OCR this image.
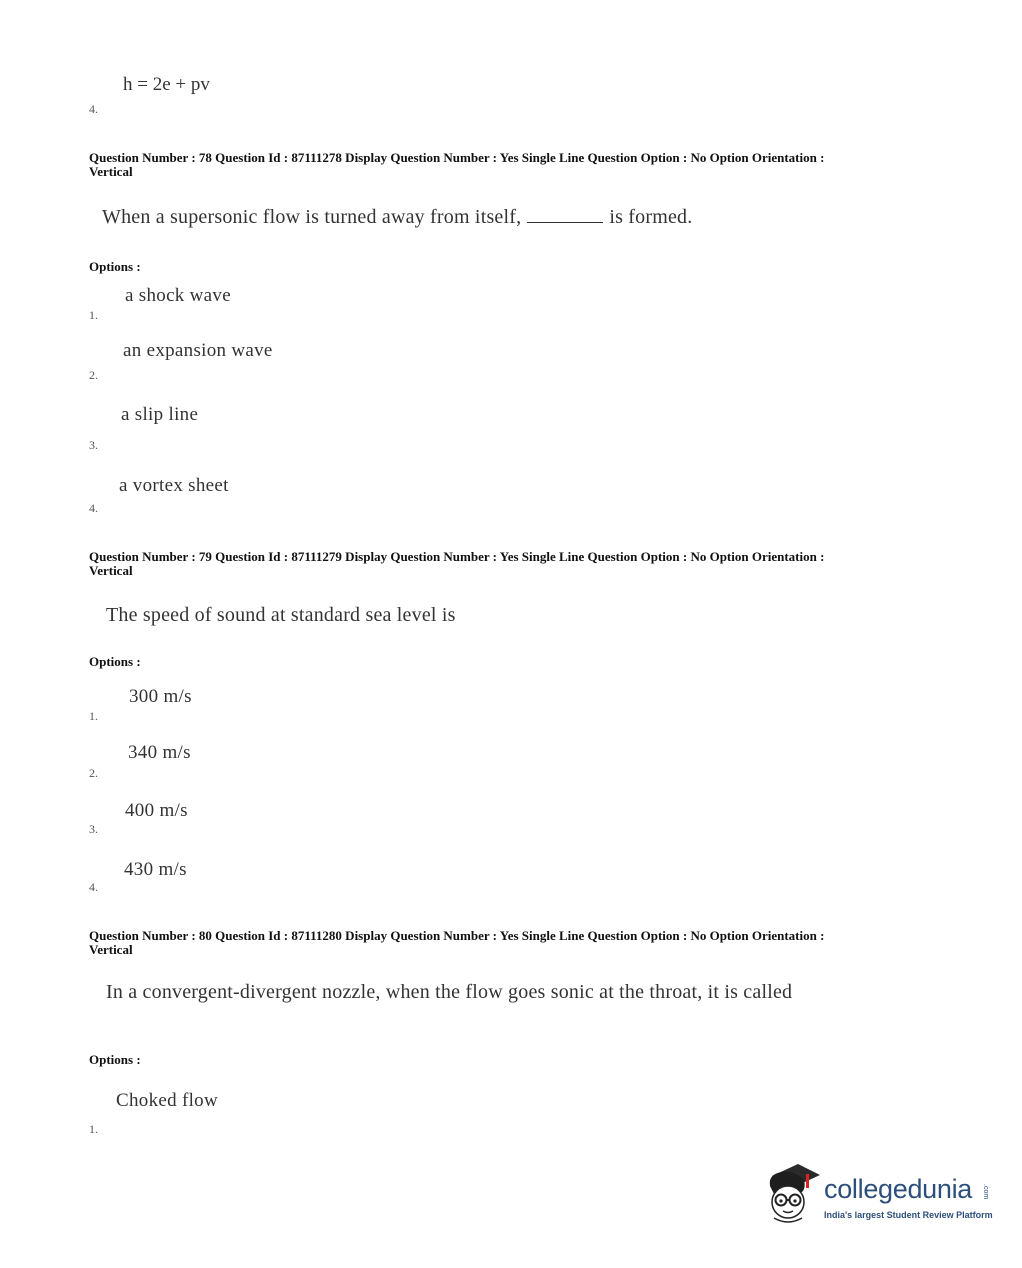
h = 2e + pv
4.
Question Number : 78 Question Id : 87111278 Display Question Number : Yes Single Line Question Option : No Option Orientation : Vertical
When a supersonic flow is turned away from itself,	is formed.
Options :
a shock wave
1.
an expansion wave
2.
a slip line
3.
a vortex sheet
4.
Question Number : 79 Question Id : 87111279 Display Question Number : Yes Single Line Question Option : No Option Orientation : Vertical
The speed of sound at standard sea level is
Options :
300 m/s
1.
340 m/s
2.
400 m/s
3.
430 m/s
4.
Question Number : 80 Question Id : 87111280 Display Question Number : Yes Single Line Question Option : No Option Orientation : Vertical
In a convergent-divergent nozzle, when the flow goes sonic at the throat, it is called
Options :
Choked flow
1.
collegedunia .com
India's largest Student Review Platform
